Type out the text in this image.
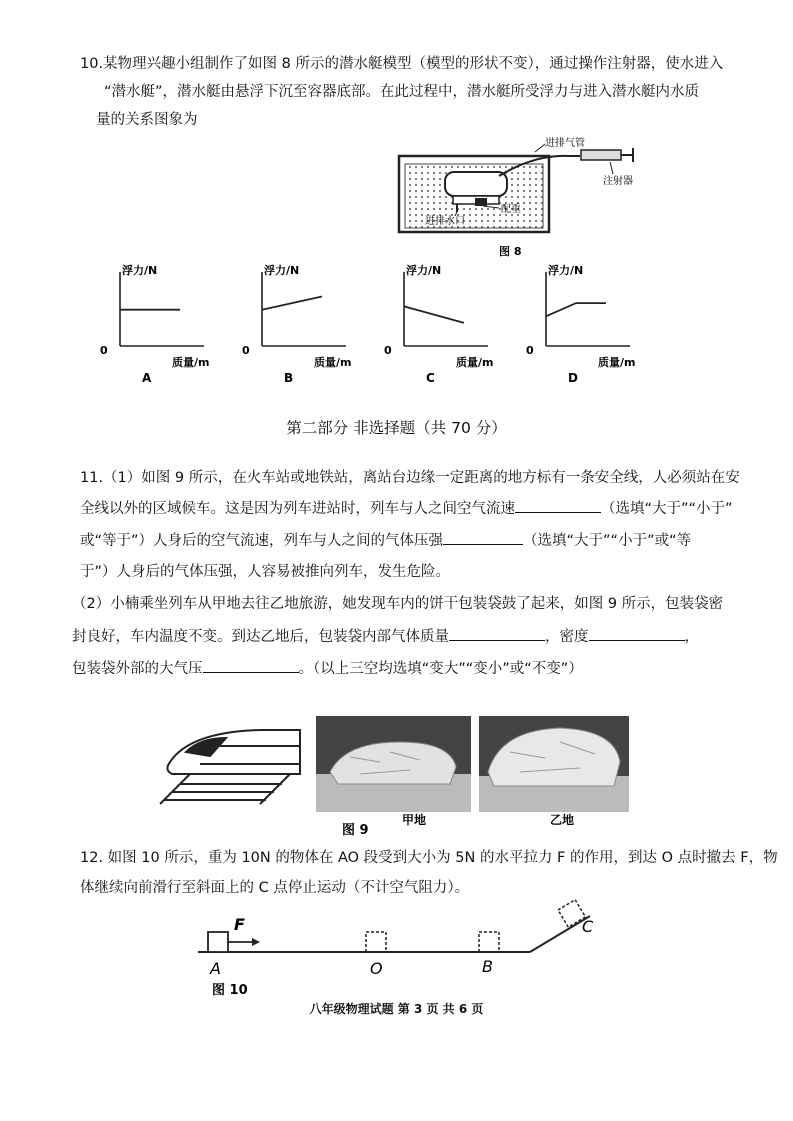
10.某物理兴趣小组制作了如图 8 所示的潜水艇模型（模型的形状不变），通过操作注射器，使水进入
“潜水艇”，潜水艇由悬浮下沉至容器底部。在此过程中，潜水艇所受浮力与进入潜水艇内水质
量的关系图象为
进排气管
注射器
进排水口
配重
图 8
浮力/N
质量/m
0
A
浮力/N
质量/m
0
B
浮力/N
质量/m
0
C
浮力/N
质量/m
0
D
第二部分 非选择题（共 70 分）
11.（1）如图 9 所示，在火车站或地铁站，离站台边缘一定距离的地方标有一条安全线，人必须站在安
全线以外的区域候车。这是因为列车进站时，列车与人之间空气流速	（选填“大于”“小于”
或“等于”）人身后的空气流速，列车与人之间的气体压强	（选填“大于”“小于”或“等
于”）人身后的气体压强，人容易被推向列车，发生危险。
（2）小楠乘坐列车从甲地去往乙地旅游，她发现车内的饼干包装袋鼓了起来，如图 9 所示，包装袋密
封良好，车内温度不变。到达乙地后，包装袋内部气体质量	，密度	，
包装袋外部的大气压	。（以上三空均选填“变大”“变小”或“不变”）
甲地	乙地
图 9
12. 如图 10 所示，重为 10N 的物体在 AO 段受到大小为 5N 的水平拉力 F 的作用，到达 O 点时撤去 F，物
体继续向前滑行至斜面上的 C 点停止运动（不计空气阻力）。
F
A	O	B
C
图 10
八年级物理试题 第 3 页 共 6 页
